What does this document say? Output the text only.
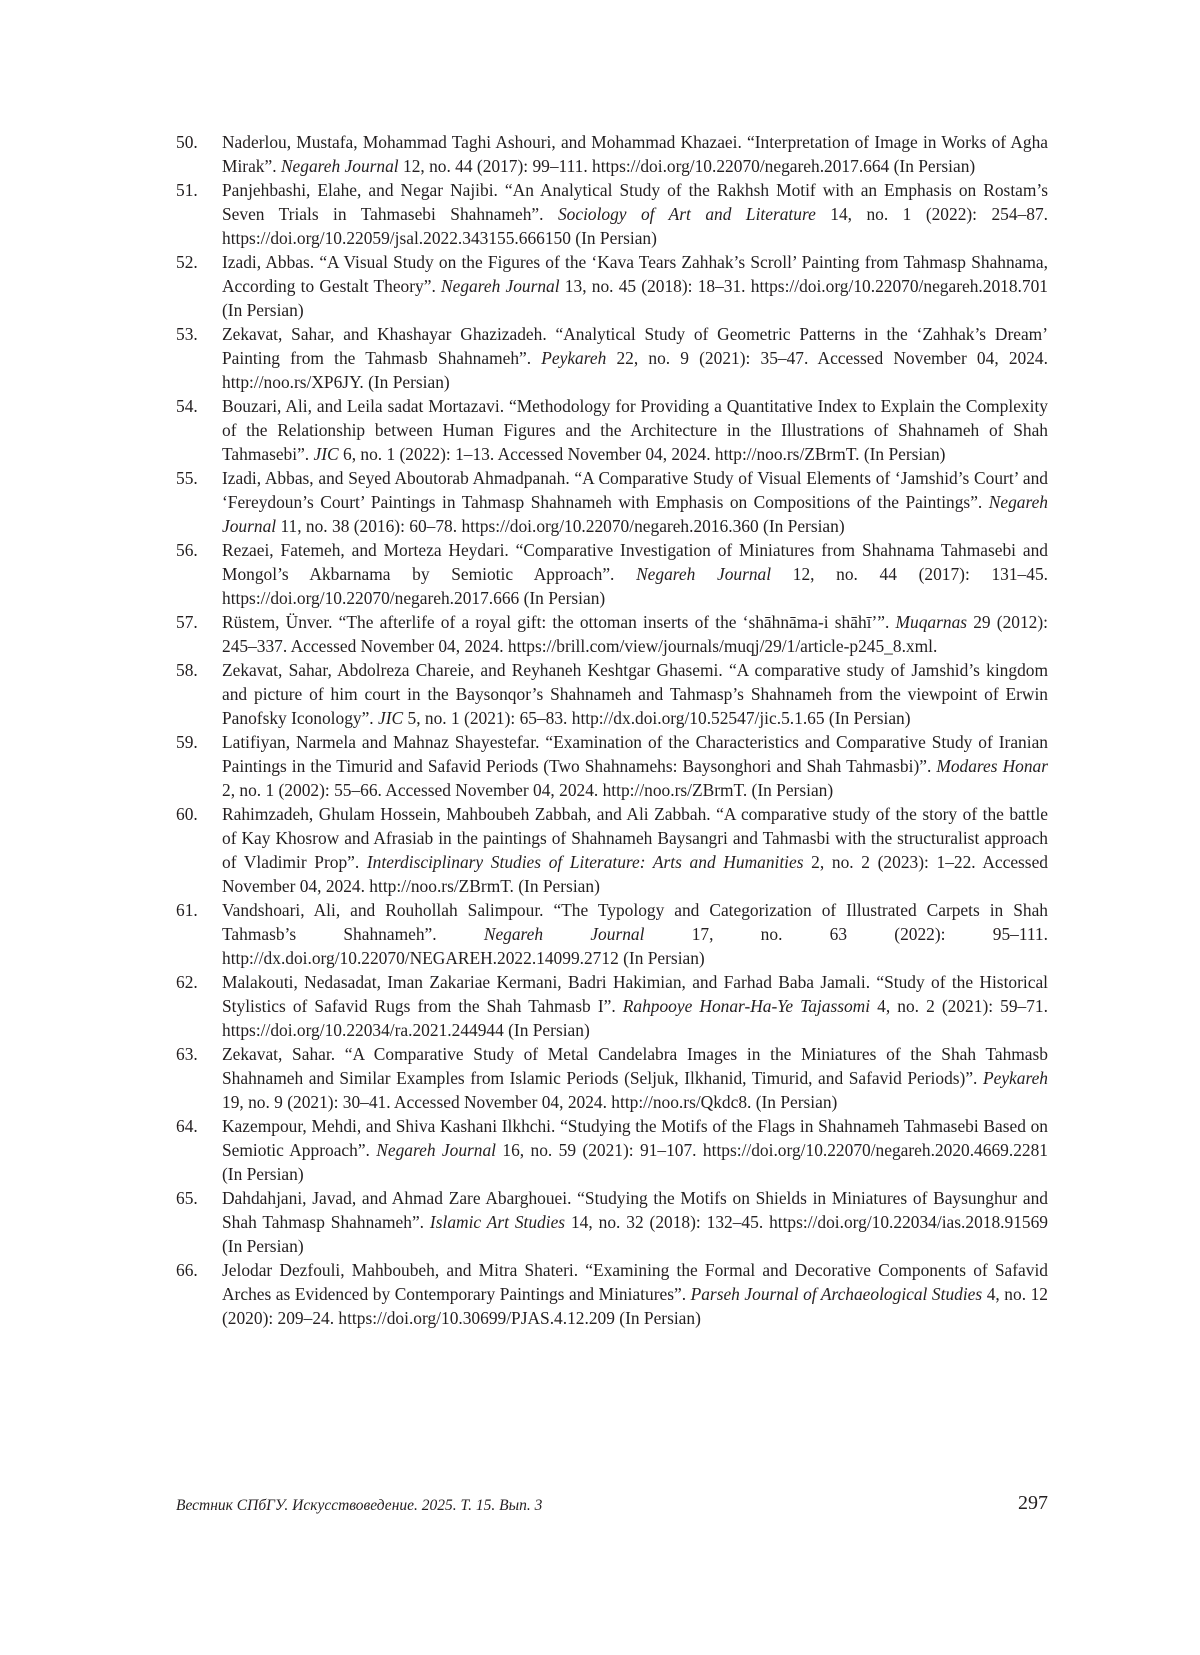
50. Naderlou, Mustafa, Mohammad Taghi Ashouri, and Mohammad Khazaei. “Interpretation of Image in Works of Agha Mirak”. Negareh Journal 12, no. 44 (2017): 99–111. https://doi.org/10.22070/negareh.2017.664 (In Persian)
51. Panjehbashi, Elahe, and Negar Najibi. “An Analytical Study of the Rakhsh Motif with an Emphasis on Rostam’s Seven Trials in Tahmasebi Shahnameh”. Sociology of Art and Literature 14, no. 1 (2022): 254–87. https://doi.org/10.22059/jsal.2022.343155.666150 (In Persian)
52. Izadi, Abbas. “A Visual Study on the Figures of the ‘Kava Tears Zahhak’s Scroll’ Painting from Tahmasp Shahnama, According to Gestalt Theory”. Negareh Journal 13, no. 45 (2018): 18–31. https://doi.org/10.22070/negareh.2018.701 (In Persian)
53. Zekavat, Sahar, and Khashayar Ghazizadeh. “Analytical Study of Geometric Patterns in the ‘Zahhak’s Dream’ Painting from the Tahmasb Shahnameh”. Peykareh 22, no. 9 (2021): 35–47. Accessed November 04, 2024. http://noo.rs/XP6JY. (In Persian)
54. Bouzari, Ali, and Leila sadat Mortazavi. “Methodology for Providing a Quantitative Index to Explain the Complexity of the Relationship between Human Figures and the Architecture in the Illustrations of Shahnameh of Shah Tahmasebi”. JIC 6, no. 1 (2022): 1–13. Accessed November 04, 2024. http://noo.rs/ZBrmT. (In Persian)
55. Izadi, Abbas, and Seyed Aboutorab Ahmadpanah. “A Comparative Study of Visual Elements of ‘Jamshid’s Court’ and ‘Fereydoun’s Court’ Paintings in Tahmasp Shahnameh with Emphasis on Compositions of the Paintings”. Negareh Journal 11, no. 38 (2016): 60–78. https://doi.org/10.22070/negareh.2016.360 (In Persian)
56. Rezaei, Fatemeh, and Morteza Heydari. “Comparative Investigation of Miniatures from Shahnama Tahmasebi and Mongol’s Akbarnama by Semiotic Approach”. Negareh Journal 12, no. 44 (2017): 131–45. https://doi.org/10.22070/negareh.2017.666 (In Persian)
57. Rüstem, Ünver. “The afterlife of a royal gift: the ottoman inserts of the ‘shāhnāma-i shāhī’”. Muqarnas 29 (2012): 245–337. Accessed November 04, 2024. https://brill.com/view/journals/muqj/29/1/article-p245_8.xml.
58. Zekavat, Sahar, Abdolreza Chareie, and Reyhaneh Keshtgar Ghasemi. “A comparative study of Jamshid’s kingdom and picture of him court in the Baysonqor’s Shahnameh and Tahmasp’s Shahnameh from the viewpoint of Erwin Panofsky Iconology”. JIC 5, no. 1 (2021): 65–83. http://dx.doi.org/10.52547/jic.5.1.65 (In Persian)
59. Latifiyan, Narmela and Mahnaz Shayestefar. “Examination of the Characteristics and Comparative Study of Iranian Paintings in the Timurid and Safavid Periods (Two Shahnamehs: Baysonghori and Shah Tahmasbi)”. Modares Honar 2, no. 1 (2002): 55–66. Accessed November 04, 2024. http://noo.rs/ZBrmT. (In Persian)
60. Rahimzadeh, Ghulam Hossein, Mahboubeh Zabbah, and Ali Zabbah. “A comparative study of the story of the battle of Kay Khosrow and Afrasiab in the paintings of Shahnameh Baysangri and Tahmasbi with the structuralist approach of Vladimir Prop”. Interdisciplinary Studies of Literature: Arts and Humanities 2, no. 2 (2023): 1–22. Accessed November 04, 2024. http://noo.rs/ZBrmT. (In Persian)
61. Vandshoari, Ali, and Rouhollah Salimpour. “The Typology and Categorization of Illustrated Carpets in Shah Tahmasb’s Shahnameh”.	Negareh Journal	17, no. 63 (2022): 95–111. http://dx.doi.org/10.22070/NEGAREH.2022.14099.2712 (In Persian)
62. Malakouti, Nedasadat, Iman Zakariae Kermani, Badri Hakimian, and Farhad Baba Jamali. “Study of the Historical Stylistics of Safavid Rugs from the Shah Tahmasb I”. Rahpooye Honar-Ha-Ye Tajassomi 4, no. 2 (2021): 59–71. https://doi.org/10.22034/ra.2021.244944 (In Persian)
63. Zekavat, Sahar. “A Comparative Study of Metal Candelabra Images in the Miniatures of the Shah Tahmasb Shahnameh and Similar Examples from Islamic Periods (Seljuk, Ilkhanid, Timurid, and Safavid Periods)”. Peykareh 19, no. 9 (2021): 30–41. Accessed November 04, 2024. http://noo.rs/Qkdc8. (In Persian)
64. Kazempour, Mehdi, and Shiva Kashani Ilkhchi. “Studying the Motifs of the Flags in Shahnameh Tahmasebi Based on Semiotic Approach”. Negareh Journal 16, no. 59 (2021): 91–107. https://doi.org/10.22070/negareh.2020.4669.2281 (In Persian)
65. Dahdahjani, Javad, and Ahmad Zare Abarghouei. “Studying the Motifs on Shields in Miniatures of Baysunghur and Shah Tahmasp Shahnameh”. Islamic Art Studies 14, no. 32 (2018): 132–45. https://doi.org/10.22034/ias.2018.91569 (In Persian)
66. Jelodar Dezfouli, Mahboubeh, and Mitra Shateri. “Examining the Formal and Decorative Components of Safavid Arches as Evidenced by Contemporary Paintings and Miniatures”. Parseh Journal of Archaeological Studies 4, no. 12 (2020): 209–24. https://doi.org/10.30699/PJAS.4.12.209 (In Persian)
Вестник СПбГУ. Искусствоведение. 2025. Т. 15. Вып. 3	297
